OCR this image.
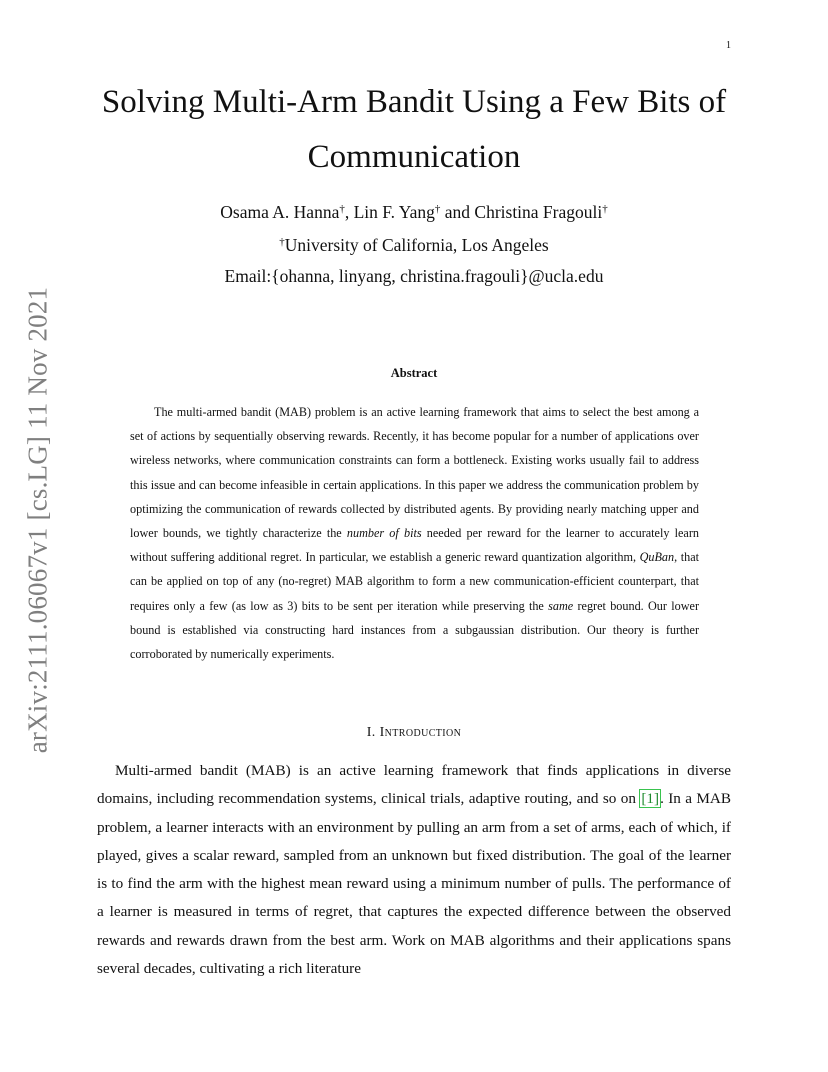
1
arXiv:2111.06067v1 [cs.LG] 11 Nov 2021
Solving Multi-Arm Bandit Using a Few Bits of Communication
Osama A. Hanna†, Lin F. Yang† and Christina Fragouli†
†University of California, Los Angeles
Email:{ohanna, linyang, christina.fragouli}@ucla.edu
Abstract

The multi-armed bandit (MAB) problem is an active learning framework that aims to select the best among a set of actions by sequentially observing rewards. Recently, it has become popular for a number of applications over wireless networks, where communication constraints can form a bottleneck. Existing works usually fail to address this issue and can become infeasible in certain applications. In this paper we address the communication problem by optimizing the communication of rewards collected by distributed agents. By providing nearly matching upper and lower bounds, we tightly characterize the number of bits needed per reward for the learner to accurately learn without suffering additional regret. In particular, we establish a generic reward quantization algorithm, QuBan, that can be applied on top of any (no-regret) MAB algorithm to form a new communication-efficient counterpart, that requires only a few (as low as 3) bits to be sent per iteration while preserving the same regret bound. Our lower bound is established via constructing hard instances from a subgaussian distribution. Our theory is further corroborated by numerically experiments.

I. Introduction

Multi-armed bandit (MAB) is an active learning framework that finds applications in diverse domains, including recommendation systems, clinical trials, adaptive routing, and so on [1]. In a MAB problem, a learner interacts with an environment by pulling an arm from a set of arms, each of which, if played, gives a scalar reward, sampled from an unknown but fixed distribution. The goal of the learner is to find the arm with the highest mean reward using a minimum number of pulls. The performance of a learner is measured in terms of regret, that captures the expected difference between the observed rewards and rewards drawn from the best arm. Work on MAB algorithms and their applications spans several decades, cultivating a rich literature
